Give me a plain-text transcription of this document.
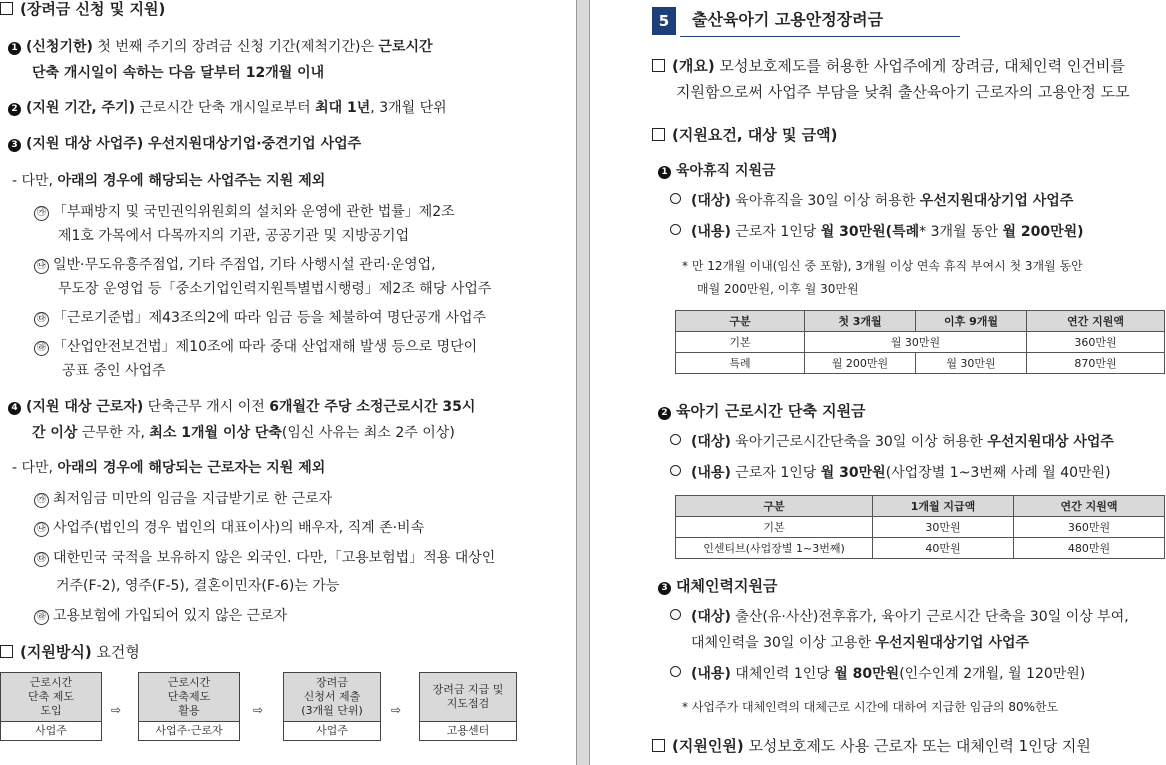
(장려금 신청 및 지원)
1 (신청기한) 첫 번째 주기의 장려금 신청 기간(제척기간)은 근로시간
단축 개시일이 속하는 다음 달부터 12개월 이내
2 (지원 기간, 주기) 근로시간 단축 개시일로부터 최대 1년, 3개월 단위
3 (지원 대상 사업주) 우선지원대상기업·중견기업 사업주
- 다만, 아래의 경우에 해당되는 사업주는 지원 제외
㉮ 「부패방지 및 국민권익위원회의 설치와 운영에 관한 법률」제2조
제1호 가목에서 다목까지의 기관, 공공기관 및 지방공기업
㉯ 일반·무도유흥주점업, 기타 주점업, 기타 사행시설 관리·운영업,
무도장 운영업 등「중소기업인력지원특별법시행령」제2조 해당 사업주
㉰ 「근로기준법」제43조의2에 따라 임금 등을 체불하여 명단공개 사업주
㉱ 「산업안전보건법」제10조에 따라 중대 산업재해 발생 등으로 명단이
공표 중인 사업주
4 (지원 대상 근로자) 단축근무 개시 이전 6개월간 주당 소정근로시간 35시
간 이상 근무한 자, 최소 1개월 이상 단축(임신 사유는 최소 2주 이상)
- 다만, 아래의 경우에 해당되는 근로자는 지원 제외
㉮ 최저임금 미만의 임금을 지급받기로 한 근로자
㉯ 사업주(법인의 경우 법인의 대표이사)의 배우자, 직계 존·비속
㉰ 대한민국 국적을 보유하지 않은 외국인. 다만,「고용보험법」적용 대상인
거주(F-2), 영주(F-5), 결혼이민자(F-6)는 가능
㉱ 고용보험에 가입되어 있지 않은 근로자
(지원방식) 요건형
근로시간
단축 제도
도입
사업주
⇨
근로시간
단축제도
활용
사업주·근로자
⇨
장려금
신청서 제출
(3개월 단위)
사업주
⇨
장려금 지급 및
지도점검
고용센터
5	출산육아기 고용안정장려금
(개요) 모성보호제도를 허용한 사업주에게 장려금, 대체인력 인건비를
지원함으로써 사업주 부담을 낮춰 출산육아기 근로자의 고용안정 도모
(지원요건, 대상 및 금액)
1 육아휴직 지원금
(대상) 육아휴직을 30일 이상 허용한 우선지원대상기업 사업주
(내용) 근로자 1인당 월 30만원(특례* 3개월 동안 월 200만원)
* 만 12개월 이내(임신 중 포함), 3개월 이상 연속 휴직 부여시 첫 3개월 동안
매월 200만원, 이후 월 30만원
구분	첫 3개월	이후 9개월	연간 지원액
기본	월 30만원		360만원
특례	월 200만원	월 30만원	870만원
2 육아기 근로시간 단축 지원금
(대상) 육아기근로시간단축을 30일 이상 허용한 우선지원대상 사업주
(내용) 근로자 1인당 월 30만원(사업장별 1~3번째 사례 월 40만원)
구분	1개월 지급액	연간 지원액
기본	30만원	360만원
인센티브(사업장별 1~3번째)	40만원	480만원
3 대체인력지원금
(대상) 출산(유·사산)전후휴가, 육아기 근로시간 단축을 30일 이상 부여,
대체인력을 30일 이상 고용한 우선지원대상기업 사업주
(내용) 대체인력 1인당 월 80만원(인수인계 2개월, 월 120만원)
* 사업주가 대체인력의 대체근로 시간에 대하여 지급한 임금의 80%한도
(지원인원) 모성보호제도 사용 근로자 또는 대체인력 1인당 지원
